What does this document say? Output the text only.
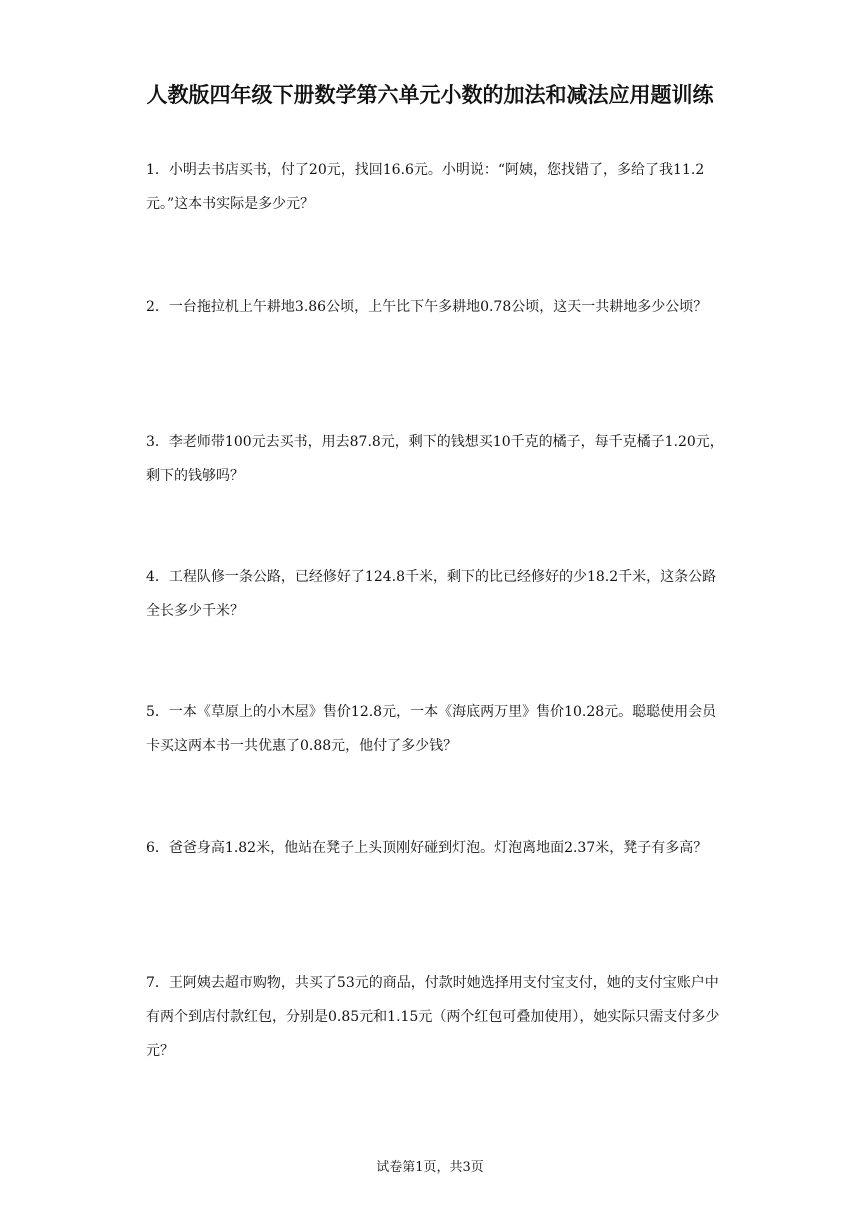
人教版四年级下册数学第六单元小数的加法和减法应用题训练

1．小明去书店买书，付了20元，找回16.6元。小明说：“阿姨，您找错了，多给了我11.2元。”这本书实际是多少元？

2．一台拖拉机上午耕地3.86公顷，上午比下午多耕地0.78公顷，这天一共耕地多少公顷？

3．李老师带100元去买书，用去87.8元，剩下的钱想买10千克的橘子，每千克橘子1.20元，剩下的钱够吗？

4．工程队修一条公路，已经修好了124.8千米，剩下的比已经修好的少18.2千米，这条公路全长多少千米？

5．一本《草原上的小木屋》售价12.8元，一本《海底两万里》售价10.28元。聪聪使用会员卡买这两本书一共优惠了0.88元，他付了多少钱？

6．爸爸身高1.82米，他站在凳子上头顶刚好碰到灯泡。灯泡离地面2.37米，凳子有多高？

7．王阿姨去超市购物，共买了53元的商品，付款时她选择用支付宝支付，她的支付宝账户中有两个到店付款红包，分别是0.85元和1.15元（两个红包可叠加使用），她实际只需支付多少元？

试卷第1页，共3页
